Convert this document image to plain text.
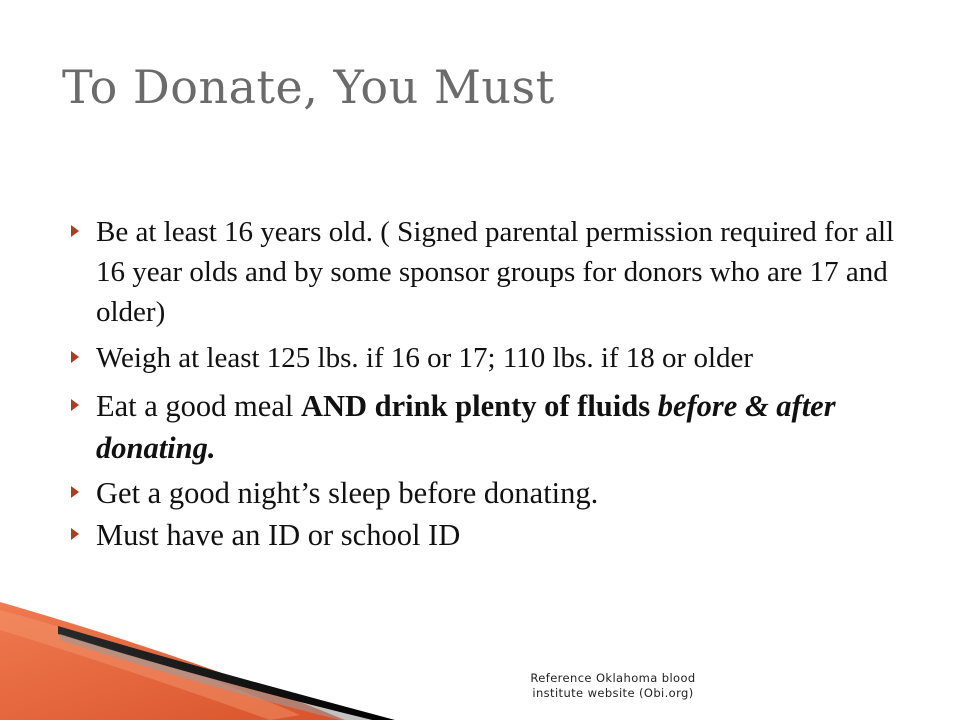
To Donate, You Must
Be at least 16 years old. ( Signed parental permission required for all 16 year olds and by some sponsor groups for donors who are 17 and older)
Weigh at least 125 lbs. if 16 or 17; 110 lbs. if 18 or older
Eat a good meal AND drink plenty of fluids before & after donating.
Get a good night’s sleep before donating.
Must have an ID or school ID
Reference Oklahoma blood
institute website (Obi.org)
